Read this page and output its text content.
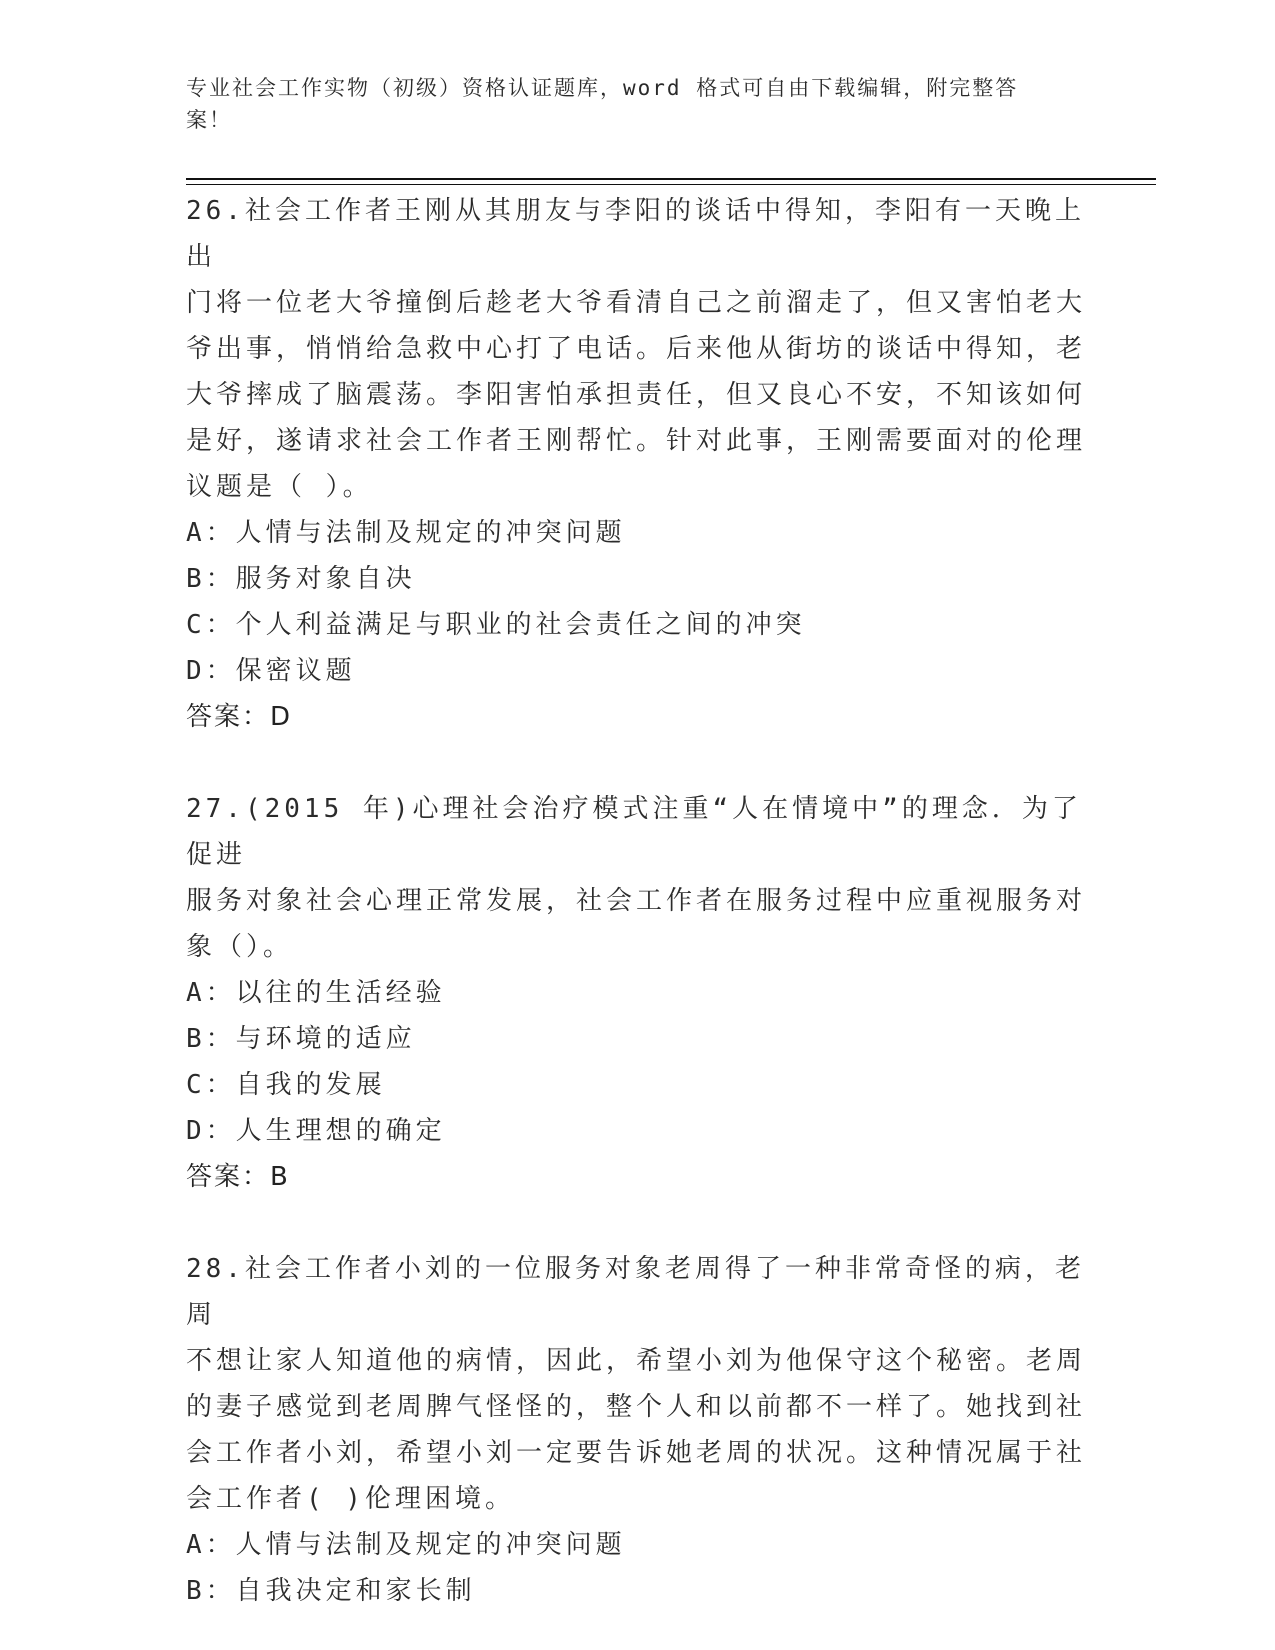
专业社会工作实物（初级）资格认证题库，word 格式可自由下载编辑，附完整答
案！

26.社会工作者王刚从其朋友与李阳的谈话中得知，李阳有一天晚上出

门将一位老大爷撞倒后趁老大爷看清自己之前溜走了，但又害怕老大

爷出事，悄悄给急救中心打了电话。后来他从街坊的谈话中得知，老

大爷摔成了脑震荡。李阳害怕承担责任，但又良心不安，不知该如何

是好，遂请求社会工作者王刚帮忙。针对此事，王刚需要面对的伦理

议题是（ ）。

A：人情与法制及规定的冲突问题

B：服务对象自决

C：个人利益满足与职业的社会责任之间的冲突

D：保密议题

答案：D

27.(2015 年)心理社会治疗模式注重“人在情境中”的理念．为了促进

服务对象社会心理正常发展，社会工作者在服务过程中应重视服务对

象（）。

A：以往的生活经验

B：与环境的适应

C：自我的发展

D：人生理想的确定

答案：B

28.社会工作者小刘的一位服务对象老周得了一种非常奇怪的病，老周

不想让家人知道他的病情，因此，希望小刘为他保守这个秘密。老周

的妻子感觉到老周脾气怪怪的，整个人和以前都不一样了。她找到社

会工作者小刘，希望小刘一定要告诉她老周的状况。这种情况属于社

会工作者( )伦理困境。

A：人情与法制及规定的冲突问题

B：自我决定和家长制
